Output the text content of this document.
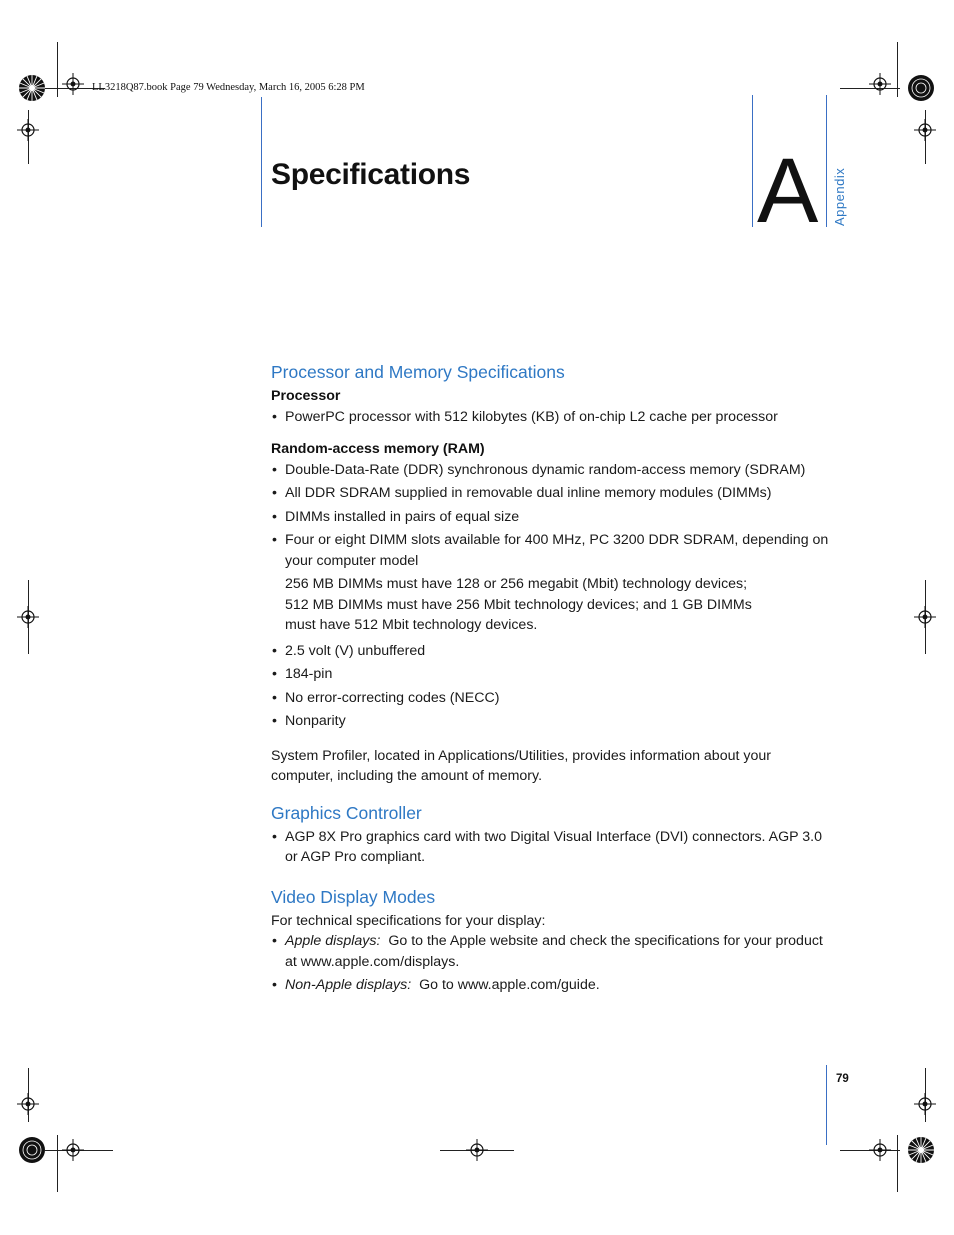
LL3218Q87.book Page 79 Wednesday, March 16, 2005 6:28 PM
Specifications	A Appendix
Processor and Memory Specifications
Processor
• PowerPC processor with 512 kilobytes (KB) of on-chip L2 cache per processor
Random-access memory (RAM)
• Double-Data-Rate (DDR) synchronous dynamic random-access memory (SDRAM)
• All DDR SDRAM supplied in removable dual inline memory modules (DIMMs)
• DIMMs installed in pairs of equal size
• Four or eight DIMM slots available for 400 MHz, PC 3200 DDR SDRAM, depending on your computer model
256 MB DIMMs must have 128 or 256 megabit (Mbit) technology devices;
512 MB DIMMs must have 256 Mbit technology devices; and 1 GB DIMMs
must have 512 Mbit technology devices.
• 2.5 volt (V) unbuffered
• 184-pin
• No error-correcting codes (NECC)
• Nonparity

System Profiler, located in Applications/Utilities, provides information about your computer, including the amount of memory.

Graphics Controller
• AGP 8X Pro graphics card with two Digital Visual Interface (DVI) connectors. AGP 3.0 or AGP Pro compliant.
Video Display Modes

For technical specifications for your display:

• Apple displays: Go to the Apple website and check the specifications for your product at www.apple.com/displays.
• Non-Apple displays: Go to www.apple.com/guide.
79
